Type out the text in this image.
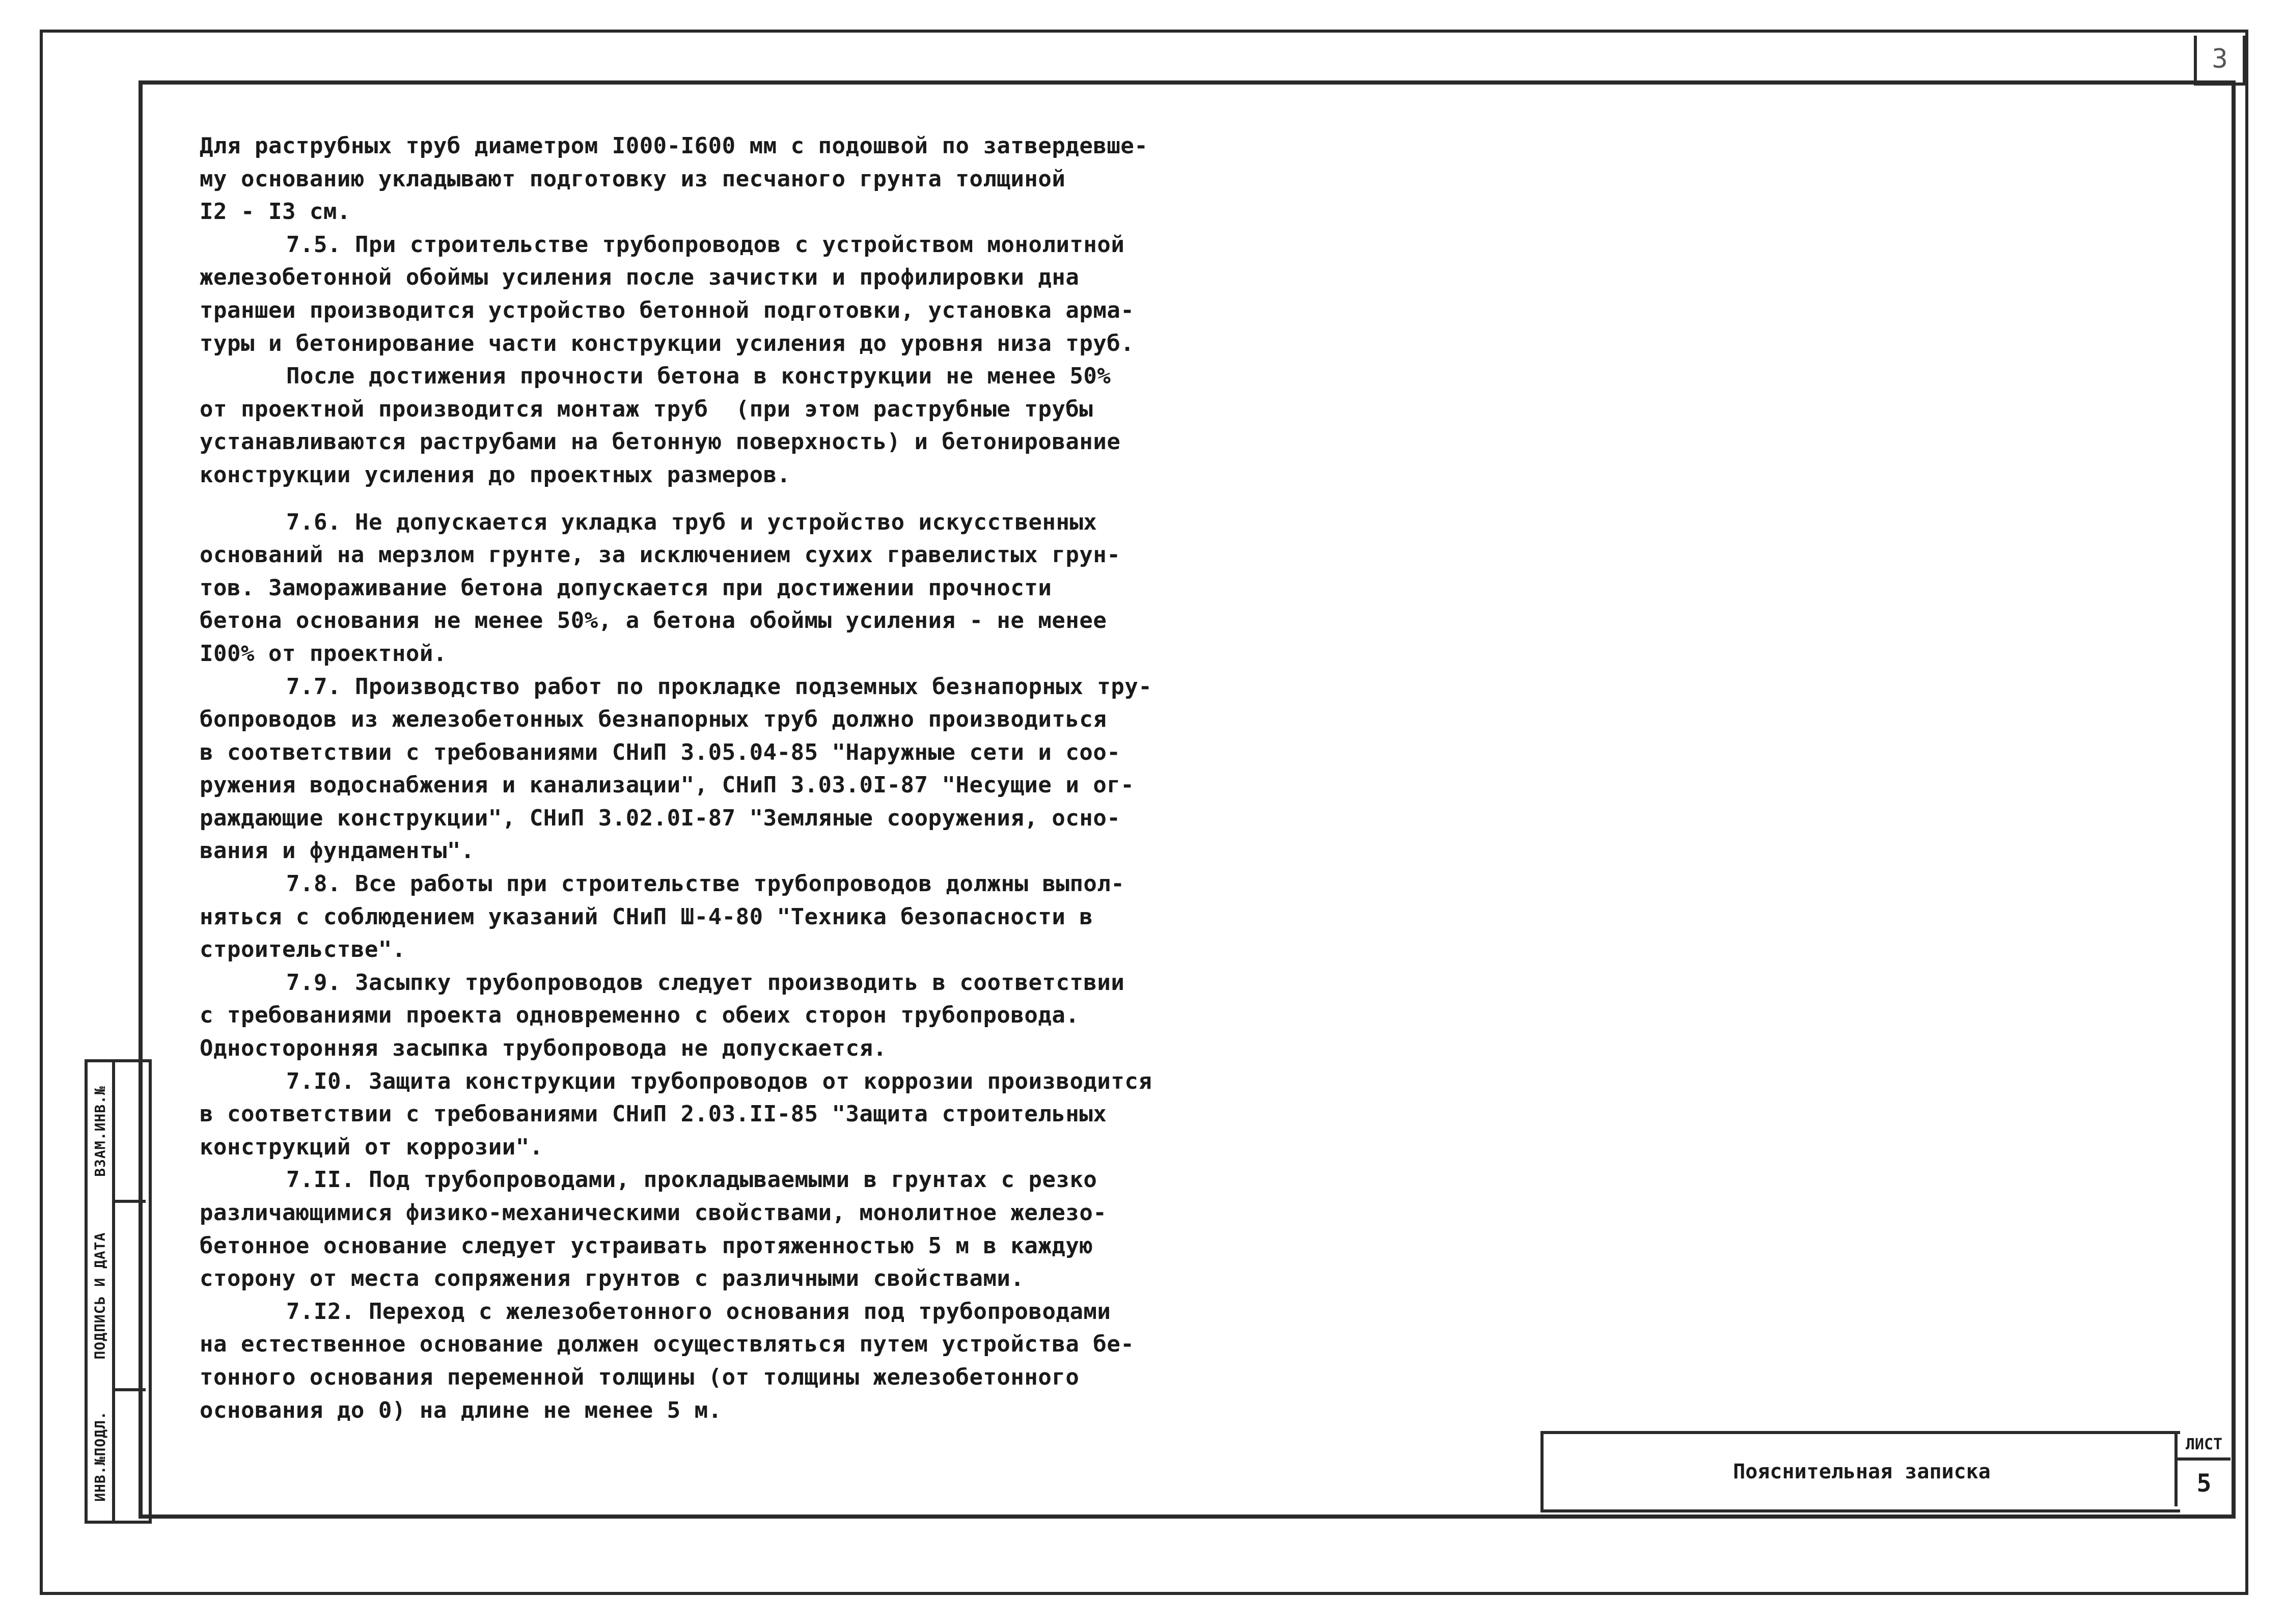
3

Для раструбных труб диаметром I000-I600 мм с подошвой по затвердевше-

му основанию укладывают подготовку из песчаного грунта толщиной

I2 - I3 см.

7.5. При строительстве трубопроводов с устройством монолитной

железобетонной обоймы усиления после зачистки и профилировки дна

траншеи производится устройство бетонной подготовки, установка арма-

туры и бетонирование части конструкции усиления до уровня низа труб.

После достижения прочности бетона в конструкции не менее 50%

от проектной производится монтаж труб  (при этом раструбные трубы

устанавливаются раструбами на бетонную поверхность) и бетонирование

конструкции усиления до проектных размеров.

7.6. Не допускается укладка труб и устройство искусственных

оснований на мерзлом грунте, за исключением сухих гравелистых грун-

тов. Замораживание бетона допускается при достижении прочности

бетона основания не менее 50%, а бетона обоймы усиления - не менее

I00% от проектной.

7.7. Производство работ по прокладке подземных безнапорных тру-

бопроводов из железобетонных безнапорных труб должно производиться

в соответствии с требованиями СНиП 3.05.04-85 "Наружные сети и соо-

ружения водоснабжения и канализации", СНиП 3.03.0I-87 "Несущие и ог-

раждающие конструкции", СНиП 3.02.0I-87 "Земляные сооружения, осно-

вания и фундаменты".

7.8. Все работы при строительстве трубопроводов должны выпол-

няться с соблюдением указаний СНиП Ш-4-80 "Техника безопасности в

строительстве".

7.9. Засыпку трубопроводов следует производить в соответствии

с требованиями проекта одновременно с обеих сторон трубопровода.

Односторонняя засыпка трубопровода не допускается.

7.I0. Защита конструкции трубопроводов от коррозии производится

в соответствии с требованиями СНиП 2.03.II-85 "Защита строительных

конструкций от коррозии".

7.II. Под трубопроводами, прокладываемыми в грунтах с резко

различающимися физико-механическими свойствами, монолитное железо-

бетонное основание следует устраивать протяженностью 5 м в каждую

сторону от места сопряжения грунтов с различными свойствами.

7.I2. Переход с железобетонного основания под трубопроводами

на естественное основание должен осуществляться путем устройства бе-

тонного основания переменной толщины (от толщины железобетонного

основания до 0) на длине не менее 5 м.

ВЗАМ.ИНВ.№
ПОДПИСЬ И ДАТА
ИНВ.№ПОДЛ.	Пояснительная записка
ЛИСТ
5
